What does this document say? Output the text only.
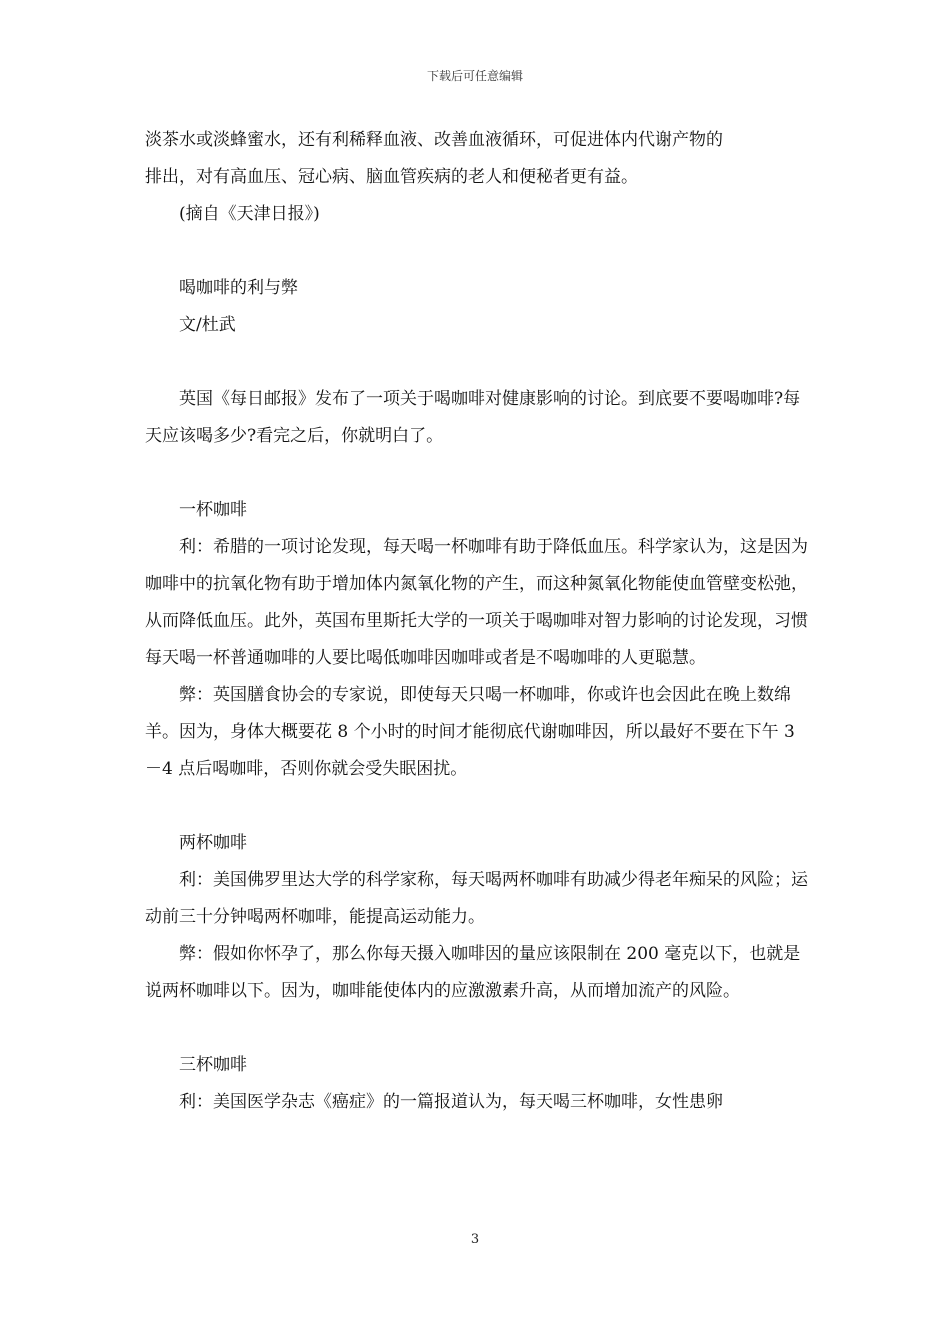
下载后可任意编辑

淡茶水或淡蜂蜜水，还有利稀释血液、改善血液循环，可促进体内代谢产物的

排出，对有高血压、冠心病、脑血管疾病的老人和便秘者更有益。

(摘自《天津日报》)

喝咖啡的利与弊

文/杜武

英国《每日邮报》发布了一项关于喝咖啡对健康影响的讨论。到底要不要喝咖啡?每天应该喝多少?看完之后，你就明白了。

一杯咖啡

利：希腊的一项讨论发现，每天喝一杯咖啡有助于降低血压。科学家认为，这是因为咖啡中的抗氧化物有助于增加体内氮氧化物的产生，而这种氮氧化物能使血管壁变松弛，从而降低血压。此外，英国布里斯托大学的一项关于喝咖啡对智力影响的讨论发现，习惯每天喝一杯普通咖啡的人要比喝低咖啡因咖啡或者是不喝咖啡的人更聪慧。

弊：英国膳食协会的专家说，即使每天只喝一杯咖啡，你或许也会因此在晚上数绵羊。因为，身体大概要花 8 个小时的时间才能彻底代谢咖啡因，所以最好不要在下午 3－4 点后喝咖啡，否则你就会受失眠困扰。

两杯咖啡

利：美国佛罗里达大学的科学家称，每天喝两杯咖啡有助减少得老年痴呆的风险；运动前三十分钟喝两杯咖啡，能提高运动能力。

弊：假如你怀孕了，那么你每天摄入咖啡因的量应该限制在 200 毫克以下，也就是说两杯咖啡以下。因为，咖啡能使体内的应激激素升高，从而增加流产的风险。

三杯咖啡

利：美国医学杂志《癌症》的一篇报道认为，每天喝三杯咖啡，女性患卵

3
